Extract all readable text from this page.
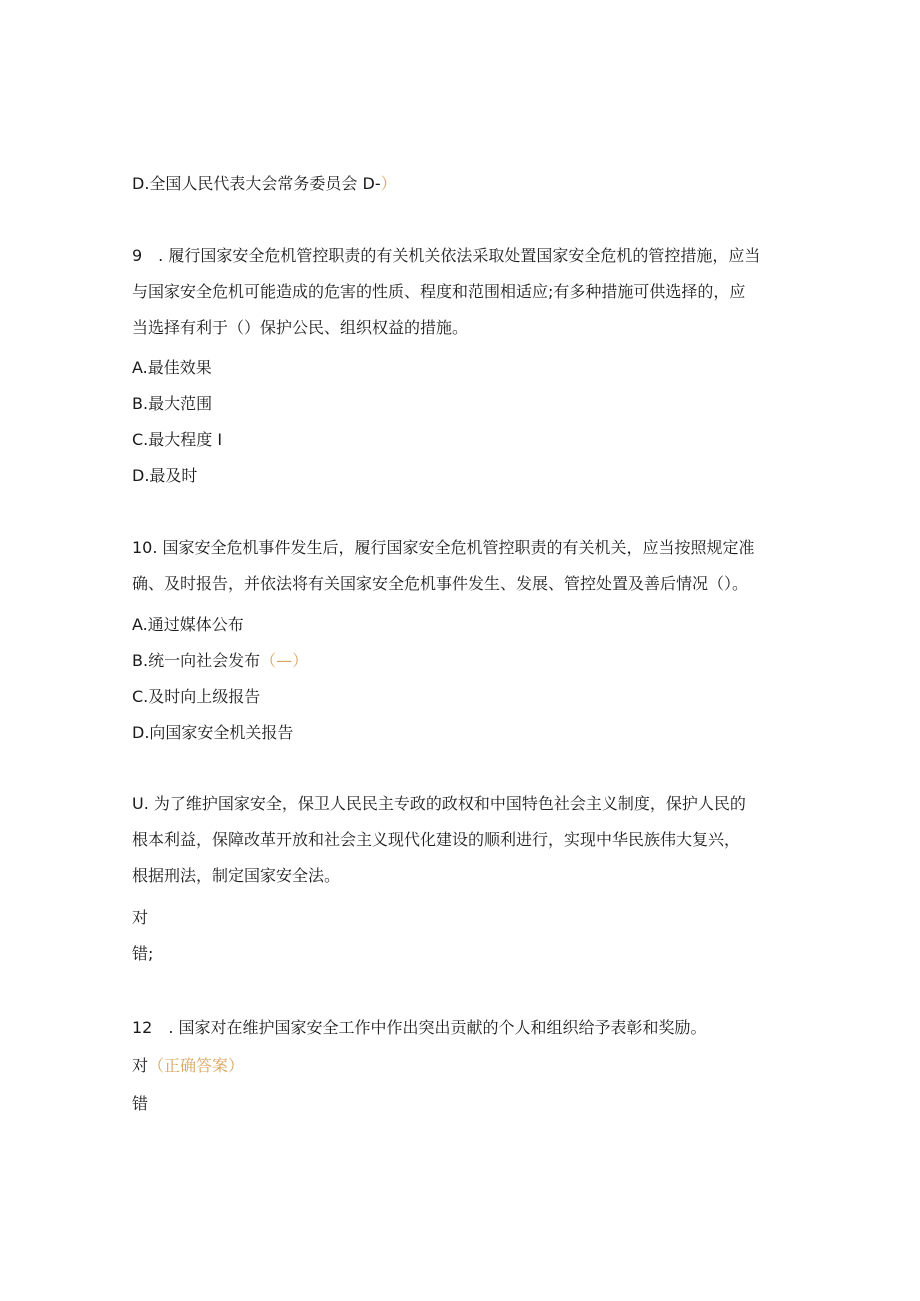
D.全国人民代表大会常务委员会 D-）
9　. 履行国家安全危机管控职责的有关机关依法采取处置国家安全危机的管控措施，应当
与国家安全危机可能造成的危害的性质、程度和范围相适应;有多种措施可供选择的，应
当选择有利于（）保护公民、组织权益的措施。
A.最佳效果
B.最大范围
C.最大程度 I
D.最及时
10. 国家安全危机事件发生后，履行国家安全危机管控职责的有关机关，应当按照规定准
确、及时报告，并依法将有关国家安全危机事件发生、发展、管控处置及善后情况（）。
A.通过媒体公布
B.统一向社会发布（—）
C.及时向上级报告
D.向国家安全机关报告
U. 为了维护国家安全，保卫人民民主专政的政权和中国特色社会主义制度，保护人民的
根本利益，保障改革开放和社会主义现代化建设的顺利进行，实现中华民族伟大复兴，
根据刑法，制定国家安全法。
对
错;
12　. 国家对在维护国家安全工作中作出突出贡献的个人和组织给予表彰和奖励。
对（正确答案）
错
